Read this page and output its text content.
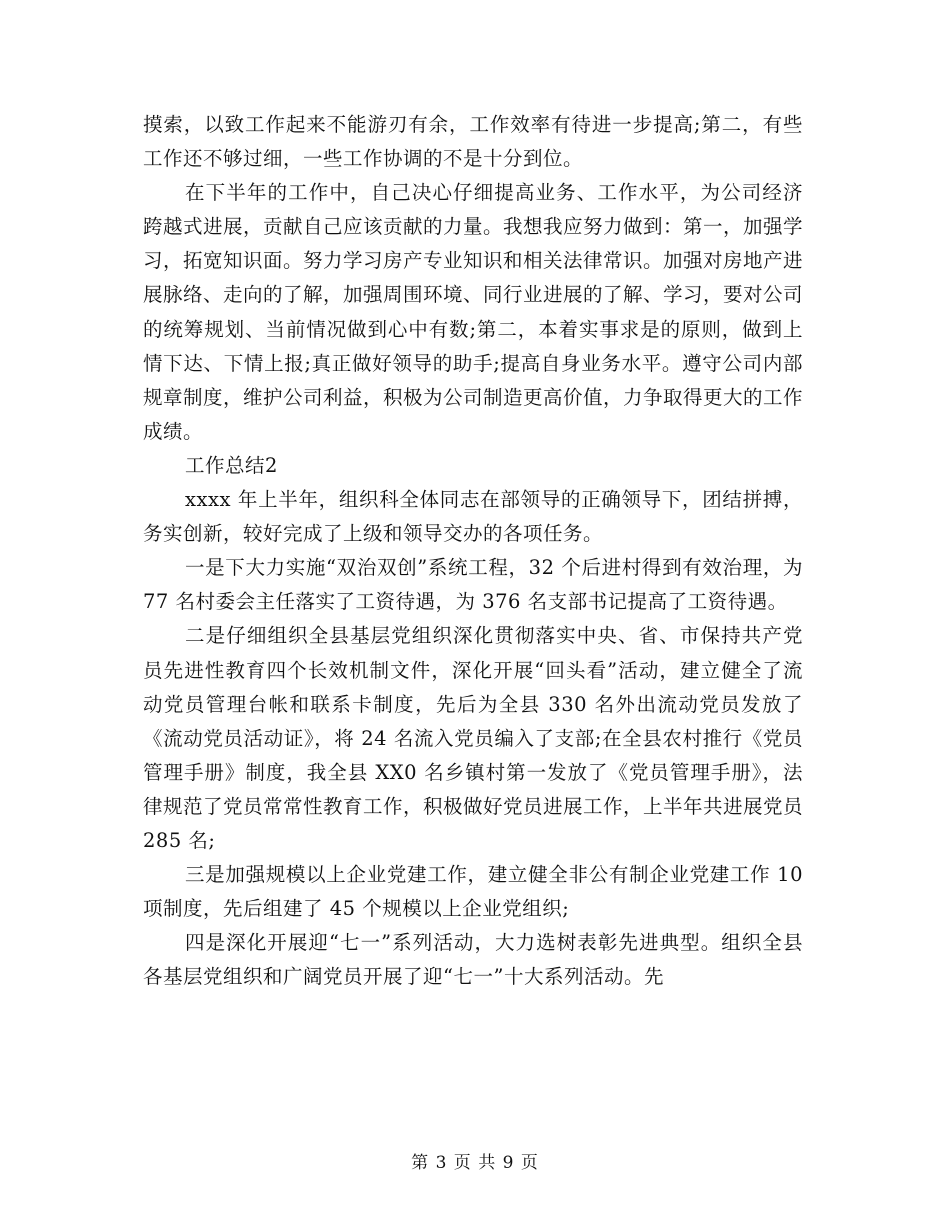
摸索，以致工作起来不能游刃有余，工作效率有待进一步提高;第二，有些工作还不够过细，一些工作协调的不是十分到位。

在下半年的工作中，自己决心仔细提高业务、工作水平，为公司经济跨越式进展，贡献自己应该贡献的力量。我想我应努力做到：第一，加强学习，拓宽知识面。努力学习房产专业知识和相关法律常识。加强对房地产进展脉络、走向的了解，加强周围环境、同行业进展的了解、学习，要对公司的统筹规划、当前情况做到心中有数;第二，本着实事求是的原则，做到上情下达、下情上报;真正做好领导的助手;提高自身业务水平。遵守公司内部规章制度，维护公司利益，积极为公司制造更高价值，力争取得更大的工作成绩。

工作总结2

xxxx 年上半年，组织科全体同志在部领导的正确领导下，团结拼搏，务实创新，较好完成了上级和领导交办的各项任务。

一是下大力实施“双治双创”系统工程，32 个后进村得到有效治理，为 77 名村委会主任落实了工资待遇，为 376 名支部书记提高了工资待遇。

二是仔细组织全县基层党组织深化贯彻落实中央、省、市保持共产党员先进性教育四个长效机制文件，深化开展“回头看”活动，建立健全了流动党员管理台帐和联系卡制度，先后为全县 330 名外出流动党员发放了《流动党员活动证》，将 24 名流入党员编入了支部;在全县农村推行《党员管理手册》制度，我全县 XX0 名乡镇村第一发放了《党员管理手册》，法律规范了党员常常性教育工作，积极做好党员进展工作，上半年共进展党员 285 名;

三是加强规模以上企业党建工作，建立健全非公有制企业党建工作 10 项制度，先后组建了 45 个规模以上企业党组织;

四是深化开展迎“七一”系列活动，大力选树表彰先进典型。组织全县各基层党组织和广阔党员开展了迎“七一”十大系列活动。先

第 3 页 共 9 页
